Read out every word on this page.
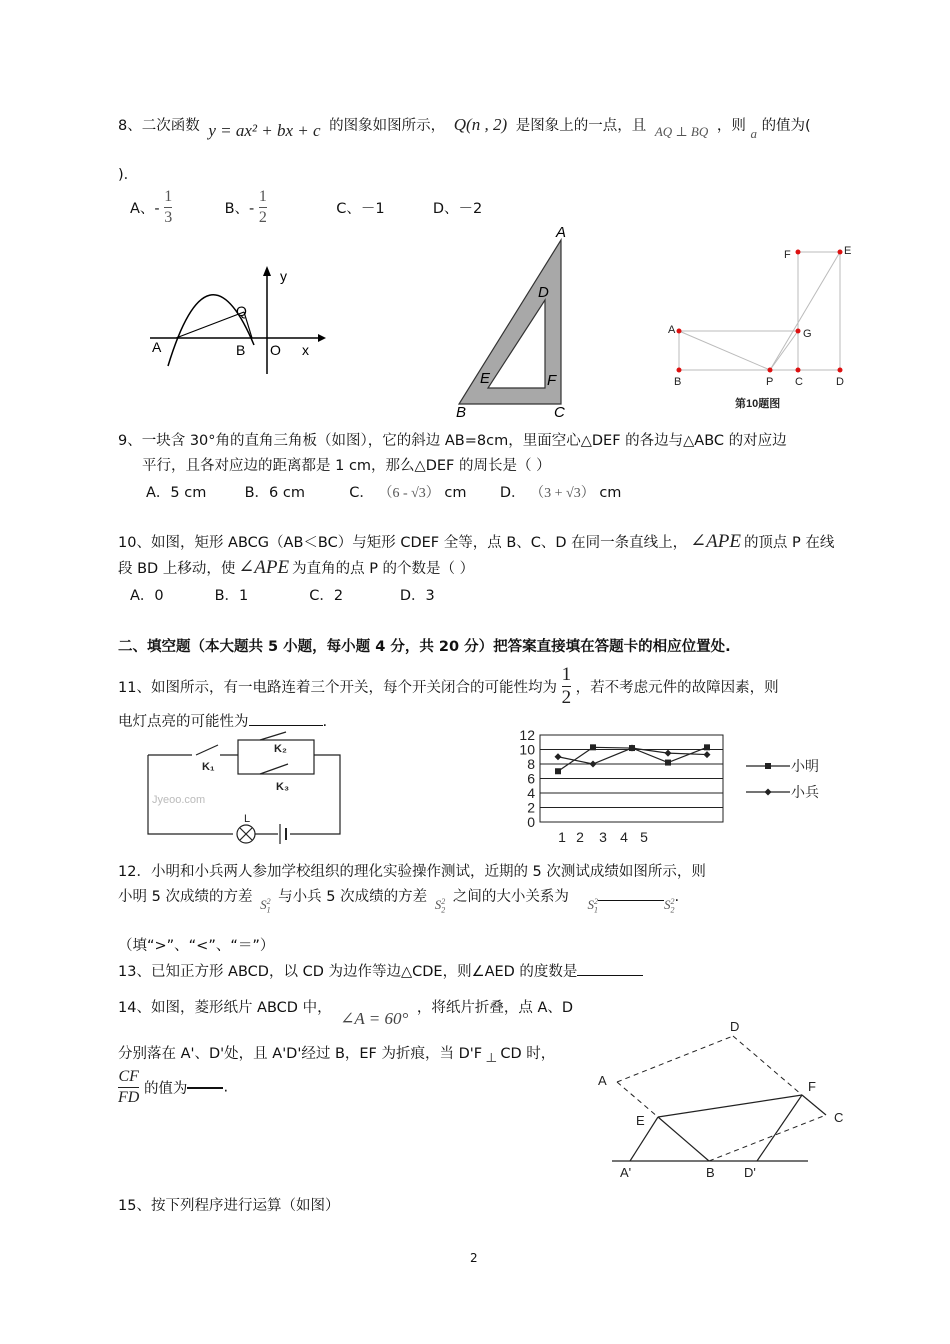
8、二次函数 y = ax² + bx + c 的图象如图所示， Q(n , 2) 是图象上的一点，且 AQ ⊥ BQ ，则 a 的值为(
)．
A、- $\frac{1}{3}$	B、- $\frac{1}{2}$	C、－1	D、－2
y
Q
A	B O x
A
B	C
D
E	F
A
B	P C	D
E
F
G
第10题图
9、一块含 30°角的直角三角板（如图），它的斜边 AB=8cm，里面空心△DEF 的各边与△ABC 的对应边
平行，且各对应边的距离都是 1 cm，那么△DEF 的周长是（ ）
A．5 cm	B．6 cm	C． （6 - √3） cm D． （3 + √3） cm
10、如图，矩形 ABCG（AB＜BC）与矩形 CDEF 全等，点 B、C、D 在同一条直线上， ∠APE 的顶点 P 在线
段 BD 上移动，使 ∠APE 为直角的点 P 的个数是（ ）
A．0	B．1	C．2	D．3
二、填空题（本大题共 5 小题，每小题 4 分，共 20 分）把答案直接填在答题卡的相应位置处.
11、如图所示，有一电路连着三个开关，每个开关闭合的可能性均为 $\frac{1}{2}$ ，若不考虑元件的故障因素，则
电灯点亮的可能性为	.
K₁
K₂
K₃
L
Jyeoo.com
0
2
4
6
8
10
12
1 2 3 4 5
小明
小兵
12．小明和小兵两人参加学校组织的理化实验操作测试，近期的 5 次测试成绩如图所示，则
小明 5 次成绩的方差 $S_1^2$ 与小兵 5 次成绩的方差 $S_2^2$ 之间的大小关系为 $S_1^2$	$S_2^2$.
（填“>”、“<”、“＝”）
13、已知正方形 ABCD，以 CD 为边作等边△CDE，则∠AED 的度数是
14、如图，菱形纸片 ABCD 中， ∠A = 60° ，将纸片折叠，点 A、D
分别落在 A'、D'处，且 A'D'经过 B，EF 为折痕，当 D'F ⊥ CD 时，
$\frac{CF}{FD}$ 的值为 .	A
D
F
C
E
A'	B D'
15、按下列程序进行运算（如图）
2
